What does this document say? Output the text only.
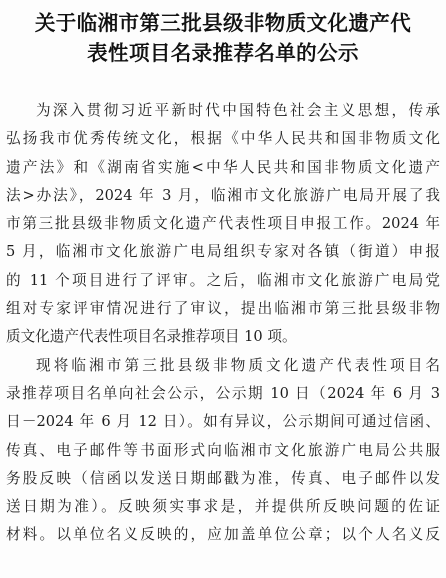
关于临湘市第三批县级非物质文化遗产代
表性项目名录推荐名单的公示
为深入贯彻习近平新时代中国特色社会主义思想，传承
弘扬我市优秀传统文化，根据《中华人民共和国非物质文化
遗产法》和《湖南省实施<中华人民共和国非物质文化遗产
法>办法》，2024 年 3 月，临湘市文化旅游广电局开展了我
市第三批县级非物质文化遗产代表性项目申报工作。2024 年
5 月，临湘市文化旅游广电局组织专家对各镇（街道）申报
的 11 个项目进行了评审。之后，临湘市文化旅游广电局党
组对专家评审情况进行了审议，提出临湘市第三批县级非物
质文化遗产代表性项目名录推荐项目 10 项。
现将临湘市第三批县级非物质文化遗产代表性项目名
录推荐项目名单向社会公示，公示期 10 日（2024 年 6 月 3
日－2024 年 6 月 12 日）。如有异议，公示期间可通过信函、
传真、电子邮件等书面形式向临湘市文化旅游广电局公共服
务股反映（信函以发送日期邮戳为准，传真、电子邮件以发
送日期为准）。反映须实事求是，并提供所反映问题的佐证
材料。以单位名义反映的，应加盖单位公章；以个人名义反
